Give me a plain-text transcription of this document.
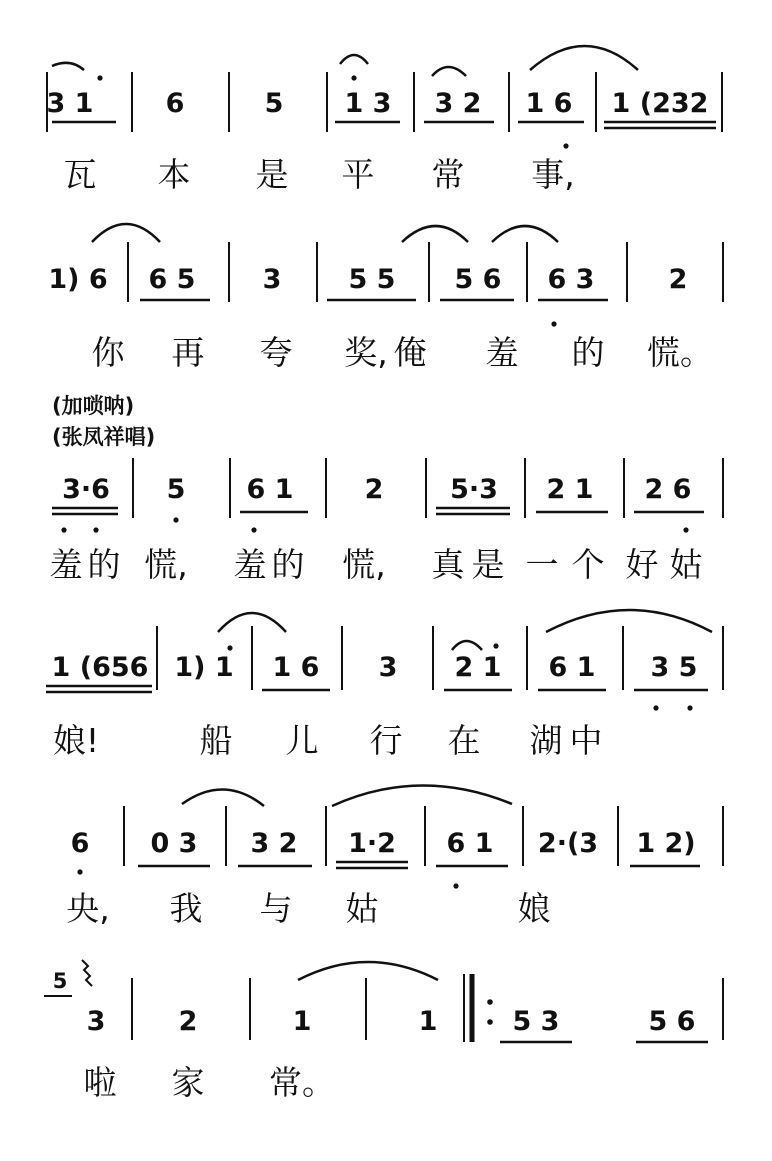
3 1	6	5 1 3 3 2 1 6 1 (232
瓦 本 是 平 常 事,
1) 6 6 5 3 5 5 5 6 6 3	2
你 再 夸 奖, 俺 羞 的 慌。
(加唢呐)
(张凤祥唱)
3·6 5 6 1	2 5·3 2 1 2 6
羞 的 慌, 羞 的 慌, 真 是 一 个 好 姑
1 (656 1) 1 1 6 3 2 1 6 1 3 5
娘!	船 儿 行 在 湖 中
6 0 3 3 2 1·2 6 1 2·(3 1 2)
央, 我 与 姑	娘
5
3	2	1	1	5 3	5 6
啦 家 常。
